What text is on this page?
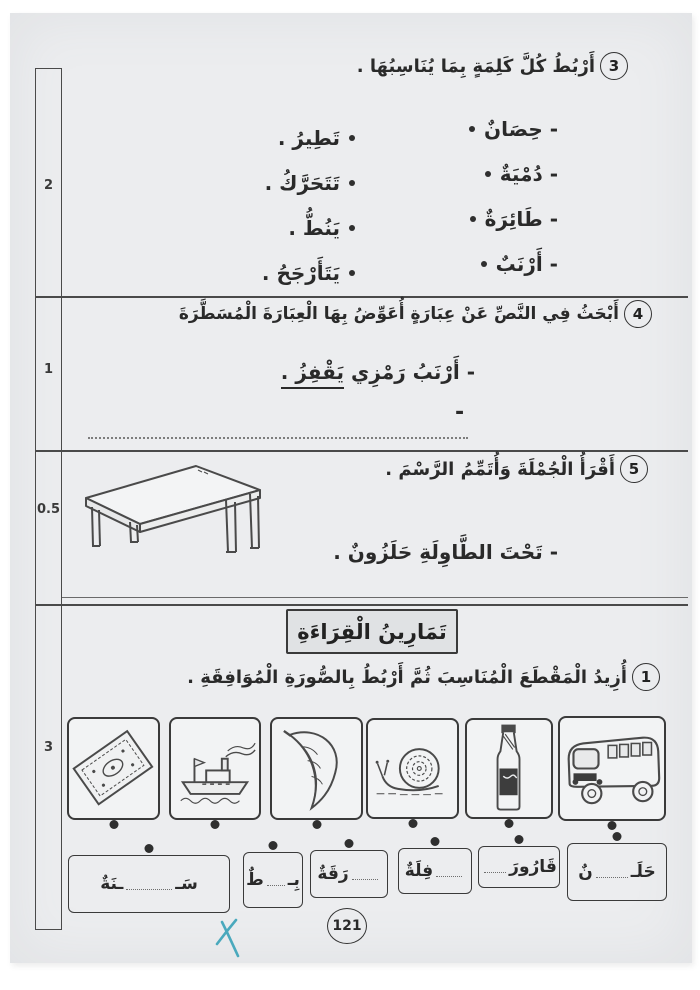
2
1
0.5
3
3
أَرْبُطُ كُلَّ كَلِمَةٍ بِمَا يُنَاسِبُهَا .
- حِصَانٌ
- دُمْيَةٌ
- طَائِرَةٌ
- أَرْنَبٌ
تَطِيرُ .
تَتَحَرَّكُ .
يَنُطُّ .
يَتَأَرْجَحُ .
4
أَبْحَثُ فِي النَّصِّ عَنْ عِبَارَةٍ أُعَوِّضُ بِهَا الْعِبَارَةَ الْمُسَطَّرَةَ
- أَرْنَبُ رَمْزِي يَقْفِزُ .
-
5
أَقْرَأُ الْجُمْلَةَ وَأُتَمِّمُ الرَّسْمَ .
- تَحْتَ الطَّاوِلَةِ حَلَزُونٌ .
تَمَارِينُ الْقِرَاءَةِ
1
أُزِيدُ الْمَقْطَعَ الْمُنَاسِبَ ثُمَّ أَرْبُطُ بِالصُّورَةِ الْمُوَافِقَةِ .
سَـ
ـنَةٌ	بِـ
طٌ	رَقَةٌ	فِلَةٌ	قَارُورَ	حَلَـ
نٌ
121
